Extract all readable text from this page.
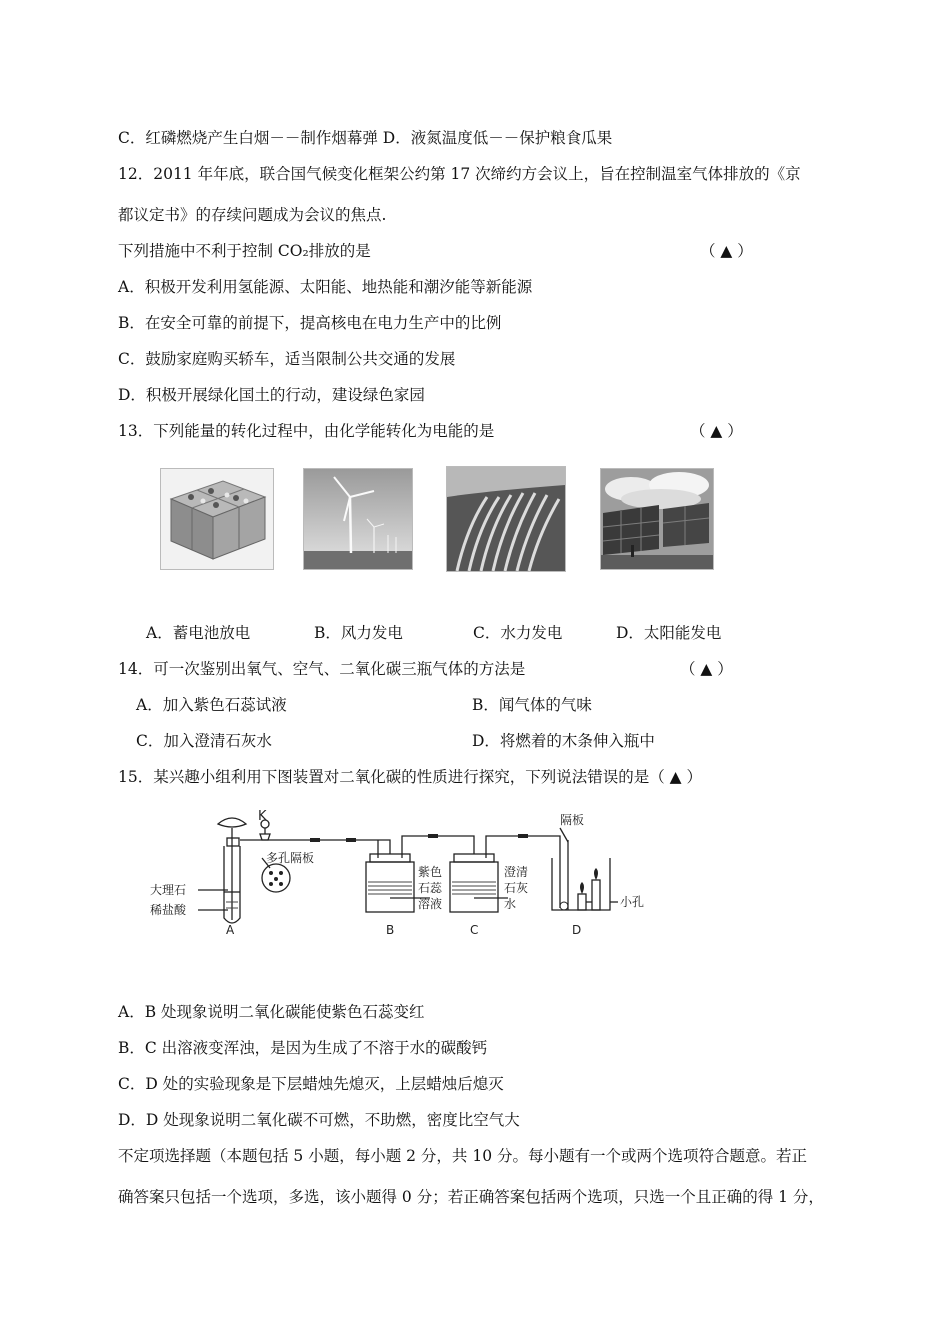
C．红磷燃烧产生白烟－－制作烟幕弹 D．液氮温度低－－保护粮食瓜果
12．2011 年年底，联合国气候变化框架公约第 17 次缔约方会议上，旨在控制温室气体排放的《京
都议定书》的存续问题成为会议的焦点.
下列措施中不利于控制 CO₂排放的是	（ ▲ ）
A．积极开发利用氢能源、太阳能、地热能和潮汐能等新能源
B．在安全可靠的前提下，提高核电在电力生产中的比例
C．鼓励家庭购买轿车，适当限制公共交通的发展
D．积极开展绿化国土的行动，建设绿色家园
13．下列能量的转化过程中，由化学能转化为电能的是	（ ▲ ）
A．蓄电池放电	B．风力发电	C．水力发电	D．太阳能发电
14．可一次鉴别出氧气、空气、二氧化碳三瓶气体的方法是	（ ▲ ）
A．加入紫色石蕊试液	B．闻气体的气味
C．加入澄清石灰水	D．将燃着的木条伸入瓶中
15．某兴趣小组利用下图装置对二氧化碳的性质进行探究，下列说法错误的是（ ▲ ）
K
多孔隔板
大理石
稀盐酸
紫色
石蕊
溶液
澄清
石灰
水
隔板
小孔
A	B	C	D
A．B 处现象说明二氧化碳能使紫色石蕊变红
B．C 出溶液变浑浊，是因为生成了不溶于水的碳酸钙
C．D 处的实验现象是下层蜡烛先熄灭，上层蜡烛后熄灭
D．D 处现象说明二氧化碳不可燃，不助燃，密度比空气大
不定项选择题（本题包括 5 小题，每小题 2 分，共 10 分。每小题有一个或两个选项符合题意。若正
确答案只包括一个选项，多选，该小题得 0 分；若正确答案包括两个选项，只选一个且正确的得 1 分，
